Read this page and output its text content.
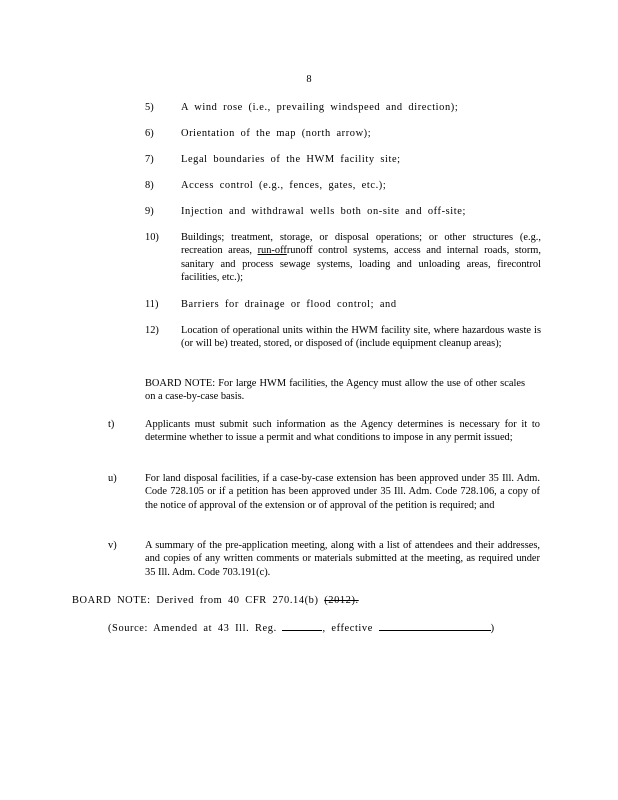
8
5)	A wind rose (i.e., prevailing windspeed and direction);
6)	Orientation of the map (north arrow);
7)	Legal boundaries of the HWM facility site;
8)	Access control (e.g., fences, gates, etc.);
9)	Injection and withdrawal wells both on-site and off-site;
10) Buildings; treatment, storage, or disposal operations; or other structures (e.g., recreation areas, run-offrunoff control systems, access and internal roads, storm, sanitary and process sewage systems, loading and unloading areas, firecontrol facilities, etc.);
11) Barriers for drainage or flood control; and
12) Location of operational units within the HWM facility site, where hazardous waste is (or will be) treated, stored, or disposed of (include equipment cleanup areas);
BOARD NOTE: For large HWM facilities, the Agency must allow the use of other scales on a case-by-case basis.
t)	Applicants must submit such information as the Agency determines is necessary for it to determine whether to issue a permit and what conditions to impose in any permit issued;
u)	For land disposal facilities, if a case-by-case extension has been approved under 35 Ill. Adm. Code 728.105 or if a petition has been approved under 35 Ill. Adm. Code 728.106, a copy of the notice of approval of the extension or of approval of the petition is required; and
v)	A summary of the pre-application meeting, along with a list of attendees and their addresses, and copies of any written comments or materials submitted at the meeting, as required under 35 Ill. Adm. Code 703.191(c).
BOARD NOTE: Derived from 40 CFR 270.14(b) (2012).
(Source: Amended at 43 Ill. Reg.	, effective	)
